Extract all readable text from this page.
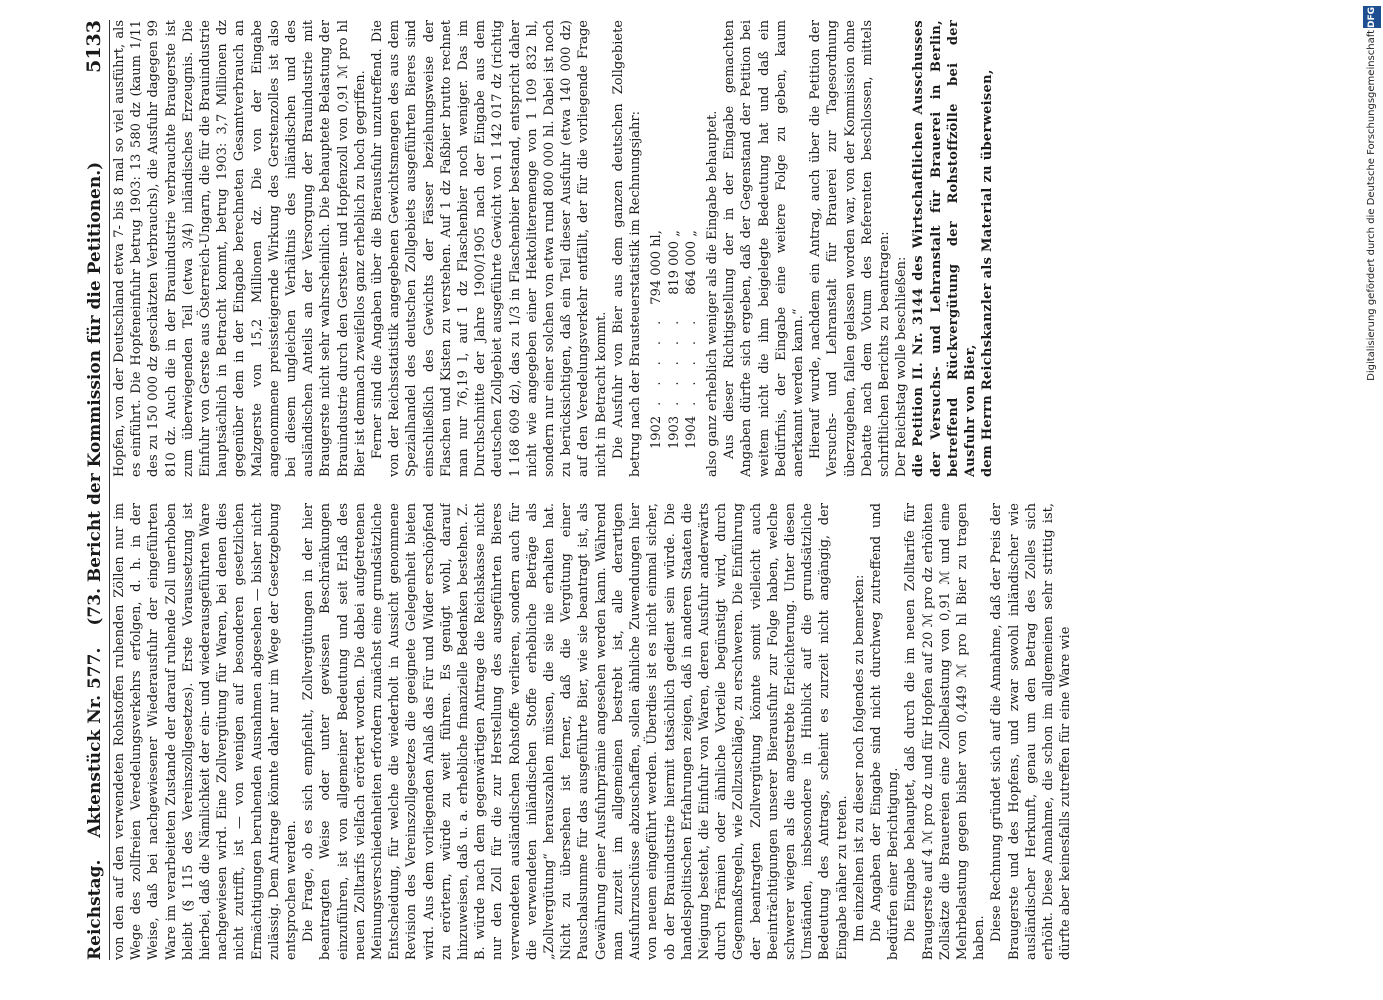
Reichstag.
Aktenstück Nr. 577.
(73. Bericht der Kommission für die Petitionen.)
5133

von den auf den verwendeten Rohstoffen ruhenden Zöllen nur im Wege des zollfreien Veredelungsverkehrs erfolgen, d. h. in der Weise, daß bei nachgewiesener Wiederausfuhr der eingeführten Ware im verarbeiteten Zustande der darauf ruhende Zoll unerhoben bleibt (§ 115 des Vereinszollgesetzes). Erste Voraussetzung ist hierbei, daß die Nämlichkeit der ein- und wiederausgeführten Ware nachgewiesen wird. Eine Zollvergütung für Waren, bei denen dies nicht zutrifft, ist — von wenigen auf besonderen gesetzlichen Ermächtigungen beruhenden Ausnahmen abgesehen — bisher nicht zulässig. Dem Antrage könnte daher nur im Wege der Gesetzgebung entsprochen werden. Die Frage, ob es sich empfiehlt, Zollvergütungen in der hier beantragten Weise oder unter gewissen Beschränkungen einzuführen, ist von allgemeiner Bedeutung und seit Erlaß des neuen Zolltarifs vielfach erörtert worden. Die dabei aufgetretenen Meinungsverschiedenheiten erfordern zunächst eine grundsätzliche Entscheidung, für welche die wiederholt in Aussicht genommene Revision des Vereinszollgesetzes die geeignete Gelegenheit bieten wird. Aus dem vorliegenden Anlaß das Für und Wider erschöpfend zu erörtern, würde zu weit führen. Es genügt wohl, darauf hinzuweisen, daß u. a. erhebliche finanzielle Bedenken bestehen. Z. B. würde nach dem gegenwärtigen Antrage die Reichskasse nicht nur den Zoll für die zur Herstellung des ausgeführten Bieres verwendeten ausländischen Rohstoffe verlieren, sondern auch für die verwendeten inländischen Stoffe erhebliche Beträge als „Zollvergütung“ herauszahlen müssen, die sie nie erhalten hat. Nicht zu übersehen ist ferner, daß die Vergütung einer Pauschalsumme für das ausgeführte Bier, wie sie beantragt ist, als Gewährung einer Ausfuhrprämie angesehen werden kann. Während man zurzeit im allgemeinen bestrebt ist, alle derartigen Ausfuhrzuschüsse abzuschaffen, sollen ähnliche Zuwendungen hier von neuem eingeführt werden. Überdies ist es nicht einmal sicher, ob der Brauindustrie hiermit tatsächlich gedient sein würde. Die handelspolitischen Erfahrungen zeigen, daß in anderen Staaten die Neigung besteht, die Einfuhr von Waren, deren Ausfuhr anderwärts durch Prämien oder ähnliche Vorteile begünstigt wird, durch Gegenmaßregeln, wie Zollzuschläge, zu erschweren. Die Einführung der beantragten Zollvergütung könnte somit vielleicht auch Beeinträchtigungen unserer Bierausfuhr zur Folge haben, welche schwerer wiegen als die angestrebte Erleichterung. Unter diesen Umständen, insbesondere in Hinblick auf die grundsätzliche Bedeutung des Antrags, scheint es zurzeit nicht angängig, der Eingabe näher zu treten. Im einzelnen ist zu dieser noch folgendes zu bemerken: Die Angaben der Eingabe sind nicht durchweg zutreffend und bedürfen einer Berichtigung. Die Eingabe behauptet, daß durch die im neuen Zolltarife für Braugerste auf 4 ℳ pro dz und für Hopfen auf 20 ℳ pro dz erhöhten Zollsätze die Brauereien eine Zollbelastung von 0,91 ℳ und eine Mehrbelastung gegen bisher von 0,449 ℳ pro hl Bier zu tragen haben. Diese Rechnung gründet sich auf die Annahme, daß der Preis der Braugerste und des Hopfens, und zwar sowohl inländischer wie ausländischer Herkunft, genau um den Betrag des Zolles sich erhöht. Diese Annahme, die schon im allgemeinen sehr strittig ist, dürfte aber keinesfalls zutreffen für eine Ware wie

Hopfen, von der Deutschland etwa 7- bis 8 mal so viel ausführt, als es einführt. Die Hopfeneinfuhr betrug 1903: 13 580 dz (kaum 1/11 des zu 150 000 dz geschätzten Verbrauchs), die Ausfuhr dagegen 99 810 dz. Auch die in der Brauindustrie verbrauchte Braugerste ist zum überwiegenden Teil (etwa 3/4) inländisches Erzeugnis. Die Einfuhr von Gerste aus Österreich-Ungarn, die für die Brauindustrie hauptsächlich in Betracht kommt, betrug 1903: 3,7 Millionen dz gegenüber dem in der Eingabe berechneten Gesamtverbrauch an Malzgerste von 15,2 Millionen dz. Die von der Eingabe angenommene preissteigernde Wirkung des Gerstenzolles ist also bei diesem ungleichen Verhältnis des inländischen und des ausländischen Anteils an der Versorgung der Brauindustrie mit Braugerste nicht sehr wahrscheinlich. Die behauptete Belastung der Brauindustrie durch den Gersten- und Hopfenzoll von 0,91 ℳ pro hl Bier ist demnach zweifellos ganz erheblich zu hoch gegriffen. Ferner sind die Angaben über die Bierausfuhr unzutreffend. Die von der Reichsstatistik angegebenen Gewichtsmengen des aus dem Spezialhandel des deutschen Zollgebiets ausgeführten Bieres sind einschließlich des Gewichts der Fässer beziehungsweise der Flaschen und Kisten zu verstehen. Auf 1 dz Faßbier brutto rechnet man nur 76,19 l, auf 1 dz Flaschenbier noch weniger. Das im Durchschnitte der Jahre 1900/1905 nach der Eingabe aus dem deutschen Zollgebiet ausgeführte Gewicht von 1 142 017 dz (richtig 1 168 609 dz), das zu 1/3 in Flaschenbier bestand, entspricht daher nicht wie angegeben einer Hektoliteremenge von 1 109 832 hl, sondern nur einer solchen von etwa rund 800 000 hl. Dabei ist noch zu berücksichtigen, daß ein Teil dieser Ausfuhr (etwa 140 000 dz) auf den Veredelungsverkehr entfällt, der für die vorliegende Frage nicht in Betracht kommt. Die Ausfuhr von Bier aus dem ganzen deutschen Zollgebiete betrug nach der Brausteuerstatistik im Rechnungsjahr: 1902	. . . . .	794 000 hl,
1903	. . . . .	819 000 „
1904	. . . . .	864 000 „ also ganz erheblich weniger als die Eingabe behauptet. Aus dieser Richtigstellung der in der Eingabe gemachten Angaben dürfte sich ergeben, daß der Gegenstand der Petition bei weitem nicht die ihm beigelegte Bedeutung hat und daß ein Bedürfnis, der Eingabe eine weitere Folge zu geben, kaum anerkannt werden kann.“ Hierauf wurde, nachdem ein Antrag, auch über die Petition der Versuchs- und Lehranstalt für Brauerei zur Tagesordnung überzugehen, fallen gelassen worden war, von der Kommission ohne Debatte nach dem Votum des Referenten beschlossen, mittels schriftlichen Berichts zu beantragen: Der Reichstag wolle beschließen: die Petition II. Nr. 3144 des Wirtschaftlichen Ausschusses der Versuchs- und Lehranstalt für Brauerei in Berlin, betreffend Rückvergütung der Rohstoffzölle bei der Ausfuhr von Bier, dem Herrn Reichskanzler als Material zu überweisen,

DFG
Digitalisierung gefördert durch die Deutsche Forschungsgemeinschaft
